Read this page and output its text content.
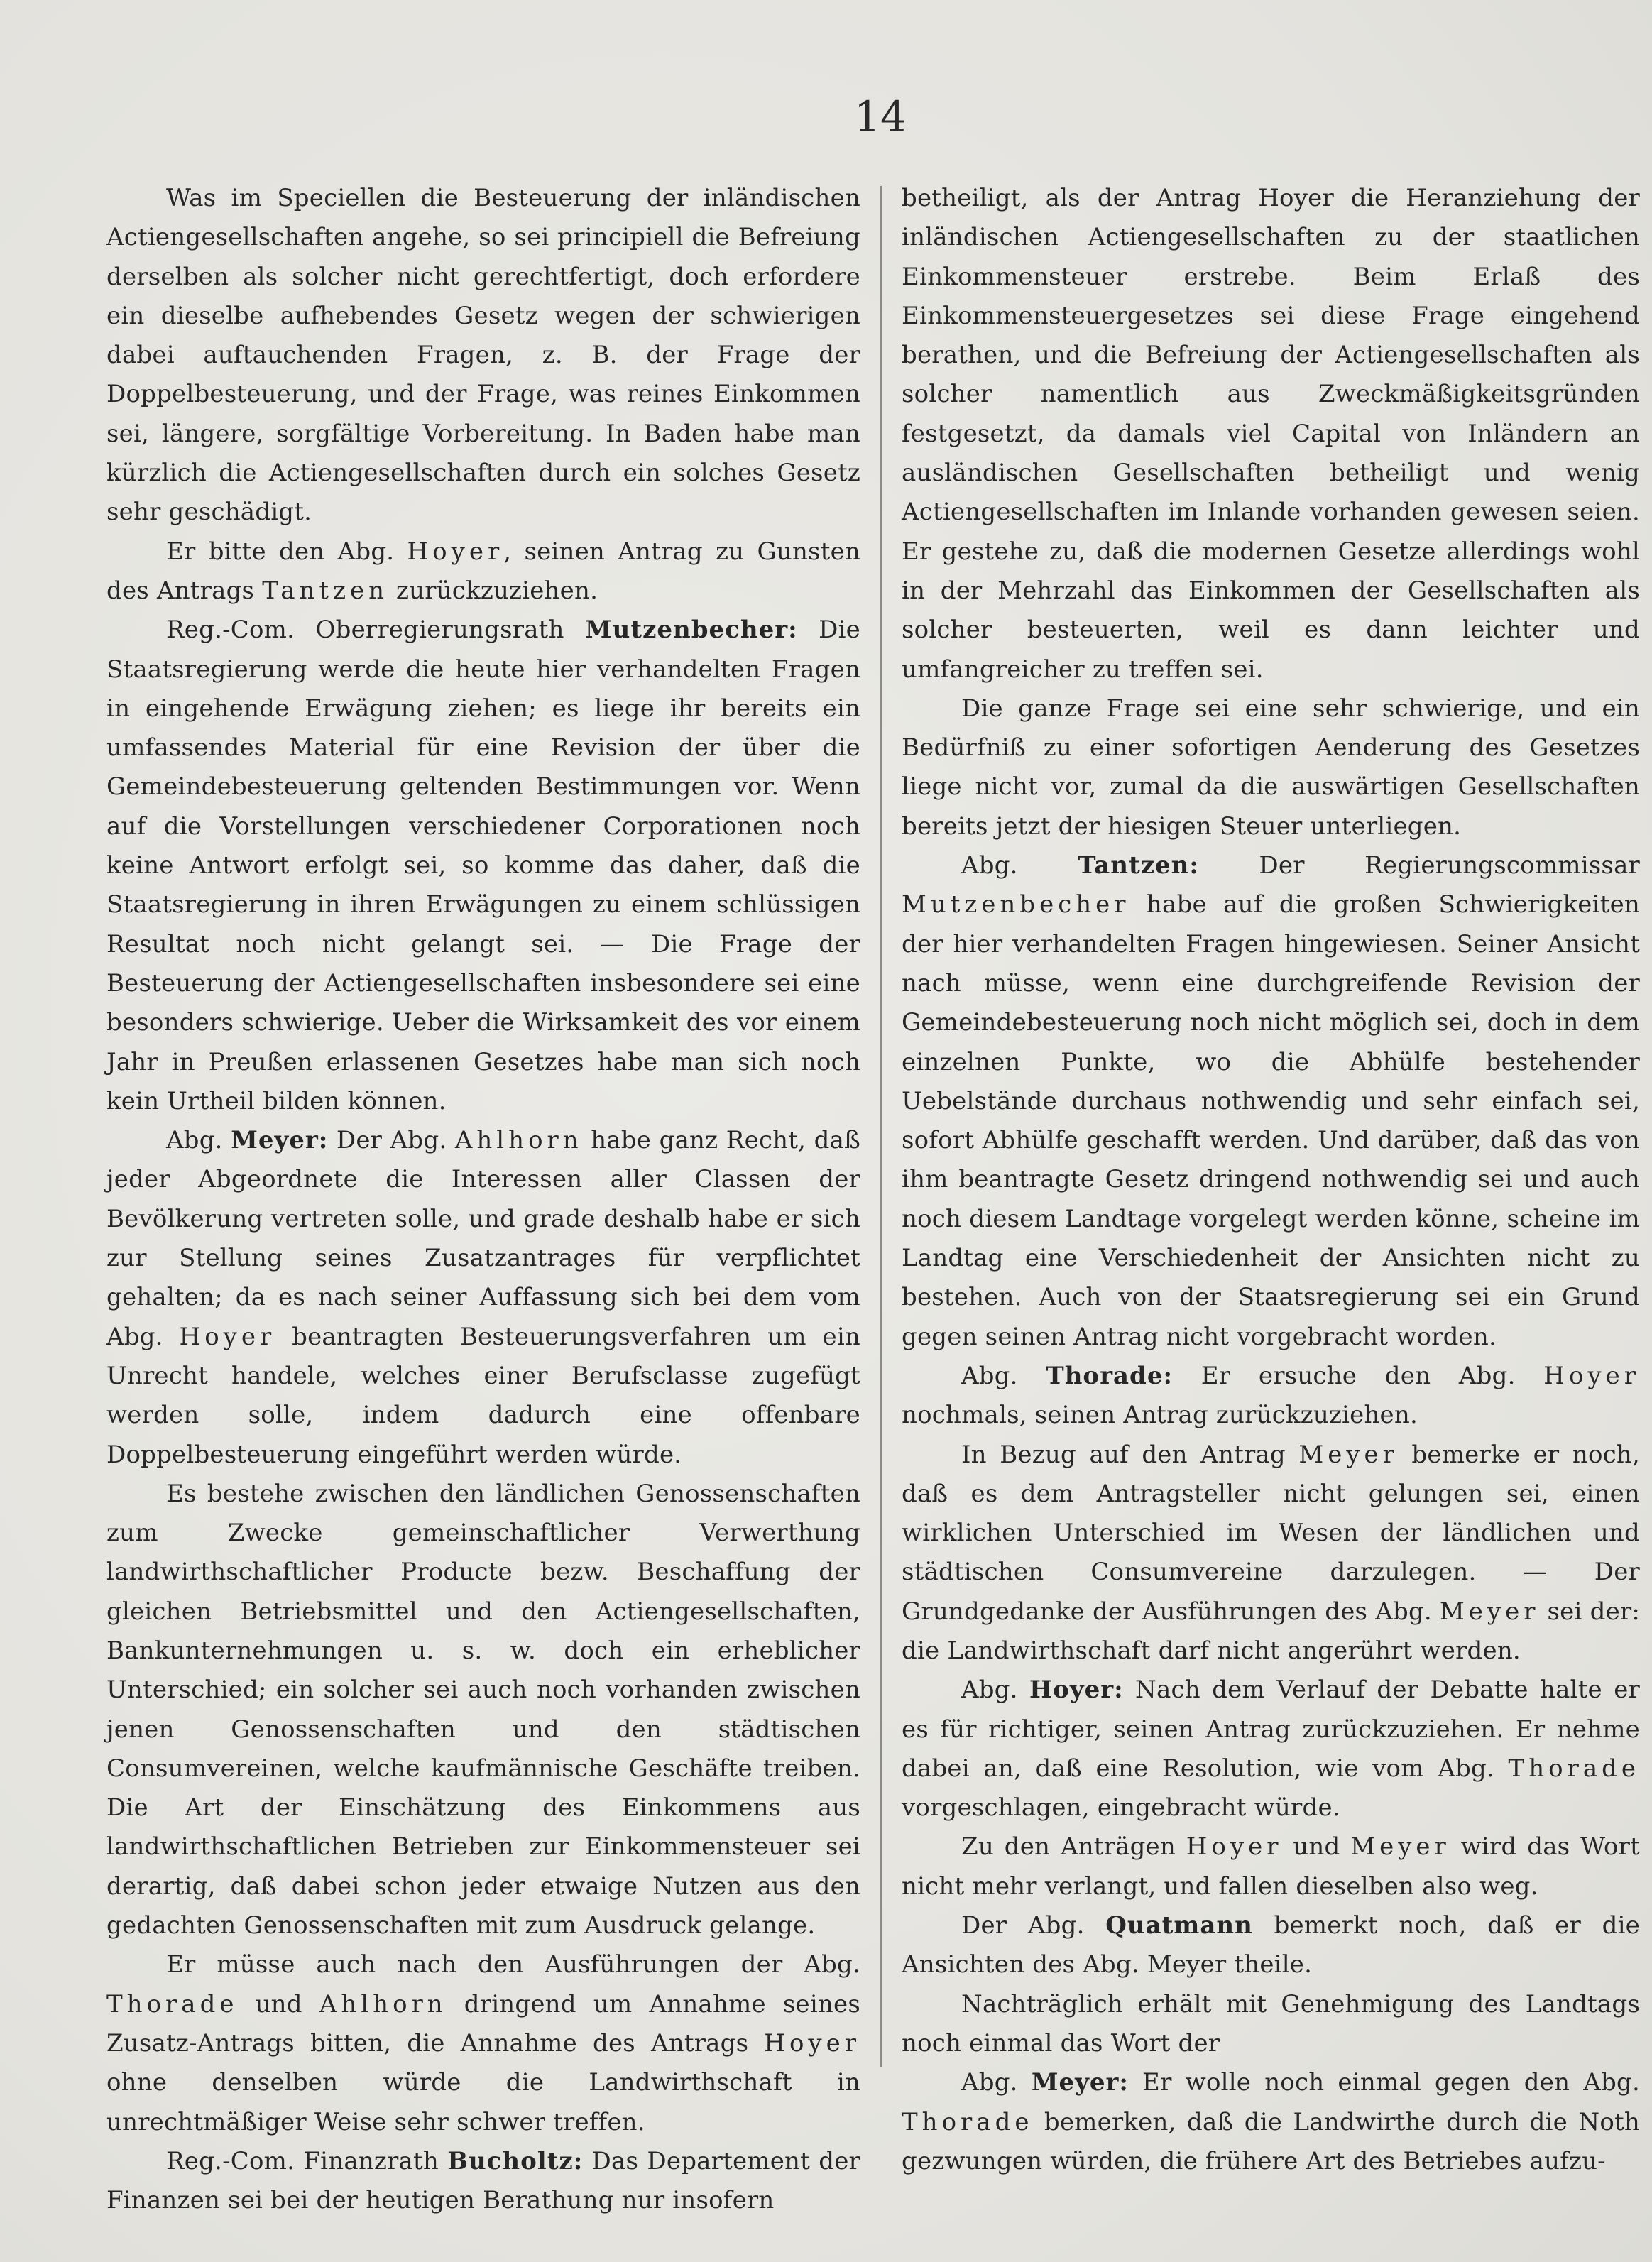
14

Was im Speciellen die Besteuerung der inländischen Actiengesellschaften angehe, so sei principiell die Befreiung derselben als solcher nicht gerechtfertigt, doch erfordere ein dieselbe aufhebendes Gesetz wegen der schwierigen dabei auftauchenden Fragen, z. B. der Frage der Doppelbesteuerung, und der Frage, was reines Einkommen sei, längere, sorgfältige Vorbereitung. In Baden habe man kürzlich die Actiengesellschaften durch ein solches Gesetz sehr geschädigt.

Er bitte den Abg. Hoyer, seinen Antrag zu Gunsten des Antrags Tantzen zurückzuziehen.

Reg.-Com. Oberregierungsrath Mutzenbecher: Die Staatsregierung werde die heute hier verhandelten Fragen in eingehende Erwägung ziehen; es liege ihr bereits ein umfassendes Material für eine Revision der über die Gemeindebesteuerung geltenden Bestimmungen vor. Wenn auf die Vorstellungen verschiedener Corporationen noch keine Antwort erfolgt sei, so komme das daher, daß die Staatsregierung in ihren Erwägungen zu einem schlüssigen Resultat noch nicht gelangt sei. — Die Frage der Besteuerung der Actiengesellschaften insbesondere sei eine besonders schwierige. Ueber die Wirksamkeit des vor einem Jahr in Preußen erlassenen Gesetzes habe man sich noch kein Urtheil bilden können.

Abg. Meyer: Der Abg. Ahlhorn habe ganz Recht, daß jeder Abgeordnete die Interessen aller Classen der Bevölkerung vertreten solle, und grade deshalb habe er sich zur Stellung seines Zusatzantrages für verpflichtet gehalten; da es nach seiner Auffassung sich bei dem vom Abg. Hoyer beantragten Besteuerungsverfahren um ein Unrecht handele, welches einer Berufsclasse zugefügt werden solle, indem dadurch eine offenbare Doppelbesteuerung eingeführt werden würde.

Es bestehe zwischen den ländlichen Genossenschaften zum Zwecke gemeinschaftlicher Verwerthung landwirthschaftlicher Producte bezw. Beschaffung der gleichen Betriebsmittel und den Actiengesellschaften, Bankunternehmungen u. s. w. doch ein erheblicher Unterschied; ein solcher sei auch noch vorhanden zwischen jenen Genossenschaften und den städtischen Consumvereinen, welche kaufmännische Geschäfte treiben. Die Art der Einschätzung des Einkommens aus landwirthschaftlichen Betrieben zur Einkommensteuer sei derartig, daß dabei schon jeder etwaige Nutzen aus den gedachten Genossenschaften mit zum Ausdruck gelange.

Er müsse auch nach den Ausführungen der Abg. Thorade und Ahlhorn dringend um Annahme seines Zusatz-Antrags bitten, die Annahme des Antrags Hoyer ohne denselben würde die Landwirthschaft in unrechtmäßiger Weise sehr schwer treffen.

Reg.-Com. Finanzrath Bucholtz: Das Departement der Finanzen sei bei der heutigen Berathung nur insofern

betheiligt, als der Antrag Hoyer die Heranziehung der inländischen Actiengesellschaften zu der staatlichen Einkommensteuer erstrebe. Beim Erlaß des Einkommensteuergesetzes sei diese Frage eingehend berathen, und die Befreiung der Actiengesellschaften als solcher namentlich aus Zweckmäßigkeitsgründen festgesetzt, da damals viel Capital von Inländern an ausländischen Gesellschaften betheiligt und wenig Actiengesellschaften im Inlande vorhanden gewesen seien. Er gestehe zu, daß die modernen Gesetze allerdings wohl in der Mehrzahl das Einkommen der Gesellschaften als solcher besteuerten, weil es dann leichter und umfangreicher zu treffen sei.

Die ganze Frage sei eine sehr schwierige, und ein Bedürfniß zu einer sofortigen Aenderung des Gesetzes liege nicht vor, zumal da die auswärtigen Gesellschaften bereits jetzt der hiesigen Steuer unterliegen.

Abg. Tantzen: Der Regierungscommissar Mutzenbecher habe auf die großen Schwierigkeiten der hier verhandelten Fragen hingewiesen. Seiner Ansicht nach müsse, wenn eine durchgreifende Revision der Gemeindebesteuerung noch nicht möglich sei, doch in dem einzelnen Punkte, wo die Abhülfe bestehender Uebelstände durchaus nothwendig und sehr einfach sei, sofort Abhülfe geschafft werden. Und darüber, daß das von ihm beantragte Gesetz dringend nothwendig sei und auch noch diesem Landtage vorgelegt werden könne, scheine im Landtag eine Verschiedenheit der Ansichten nicht zu bestehen. Auch von der Staatsregierung sei ein Grund gegen seinen Antrag nicht vorgebracht worden.

Abg. Thorade: Er ersuche den Abg. Hoyer nochmals, seinen Antrag zurückzuziehen.

In Bezug auf den Antrag Meyer bemerke er noch, daß es dem Antragsteller nicht gelungen sei, einen wirklichen Unterschied im Wesen der ländlichen und städtischen Consumvereine darzulegen. — Der Grundgedanke der Ausführungen des Abg. Meyer sei der: die Landwirthschaft darf nicht angerührt werden.

Abg. Hoyer: Nach dem Verlauf der Debatte halte er es für richtiger, seinen Antrag zurückzuziehen. Er nehme dabei an, daß eine Resolution, wie vom Abg. Thorade vorgeschlagen, eingebracht würde.

Zu den Anträgen Hoyer und Meyer wird das Wort nicht mehr verlangt, und fallen dieselben also weg.

Der Abg. Quatmann bemerkt noch, daß er die Ansichten des Abg. Meyer theile.

Nachträglich erhält mit Genehmigung des Landtags noch einmal das Wort der

Abg. Meyer: Er wolle noch einmal gegen den Abg. Thorade bemerken, daß die Landwirthe durch die Noth gezwungen würden, die frühere Art des Betriebes aufzu-
